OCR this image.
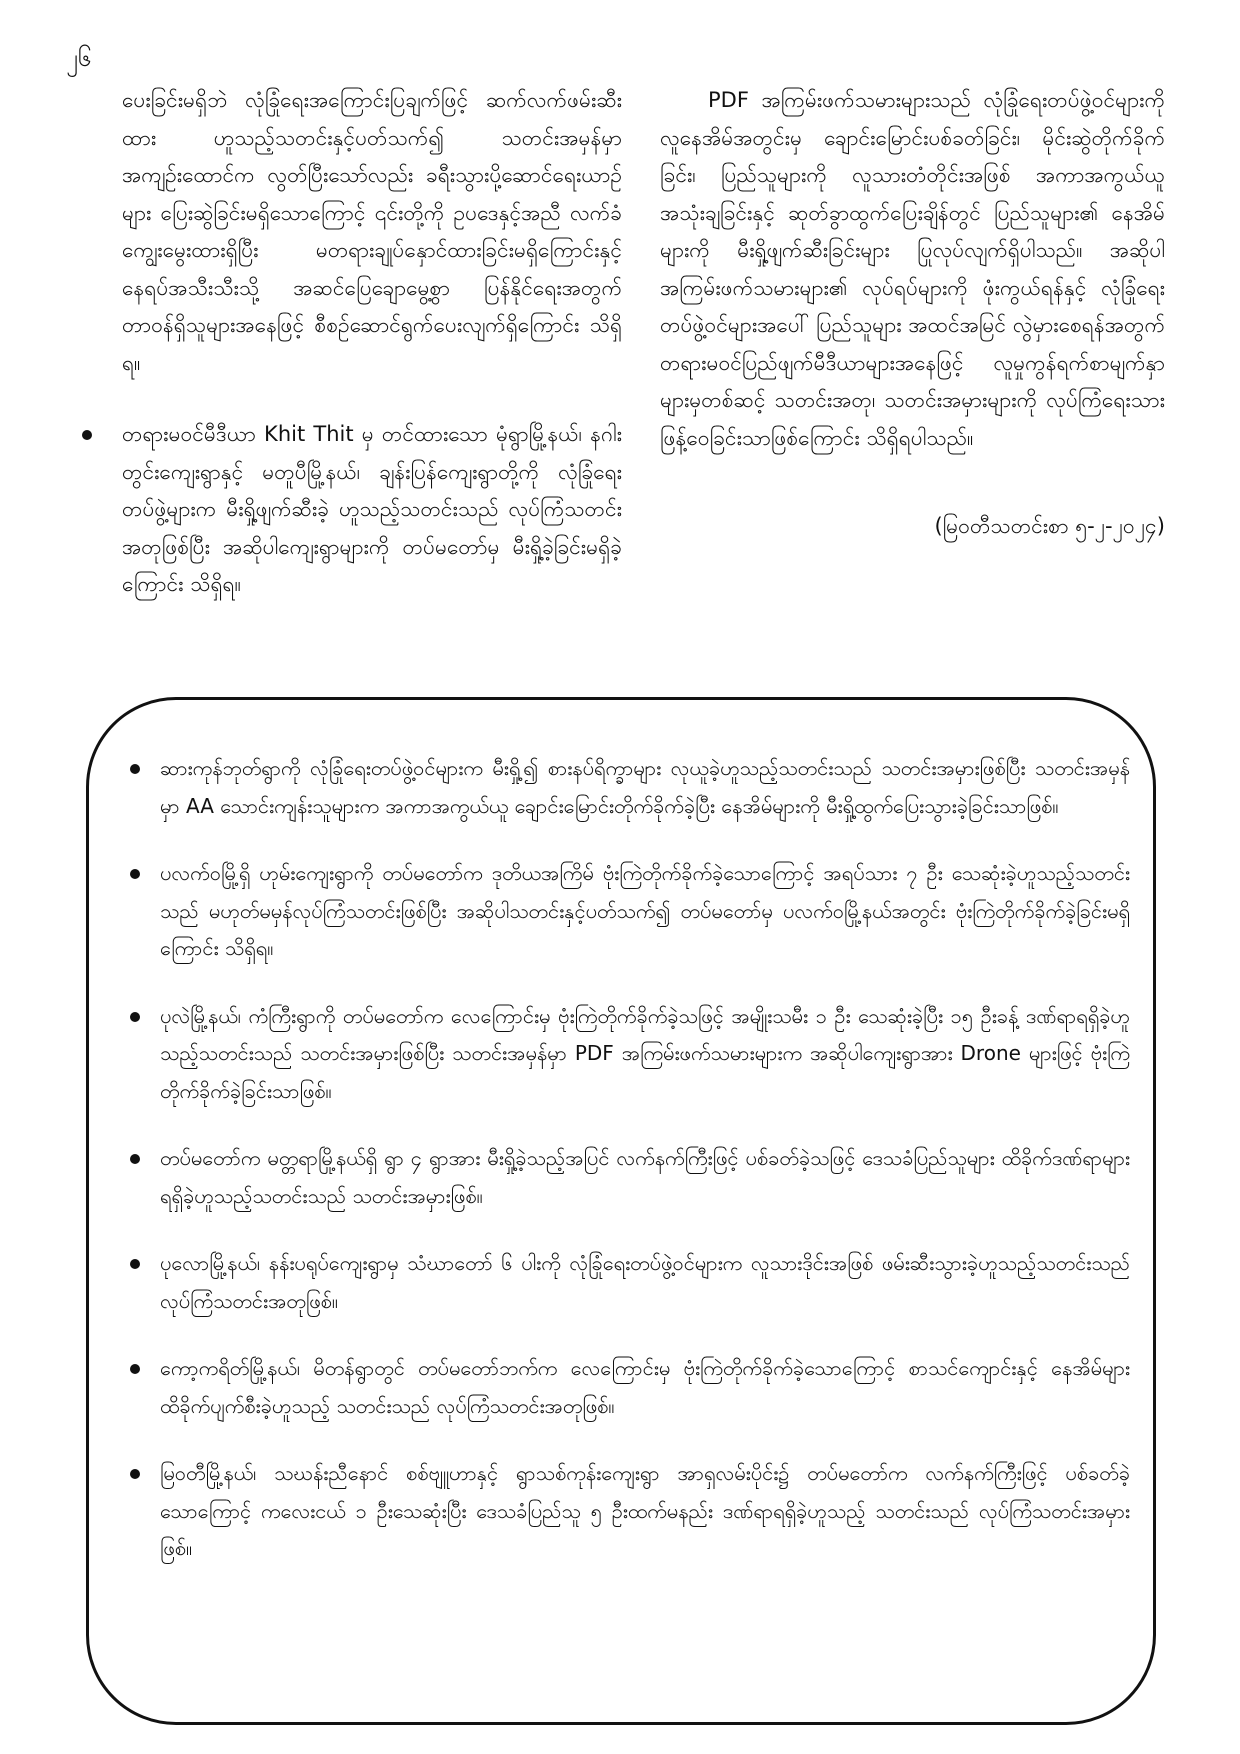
၂၆

ပေးခြင်းမရှိဘဲ လုံခြုံရေးအကြောင်းပြချက်ဖြင့် ဆက်လက်ဖမ်းဆီးထား ဟူသည့်သတင်းနှင့်ပတ်သက်၍ သတင်းအမှန်မှာ အကျဉ်းထောင်က လွတ်ပြီးသော်လည်း ခရီးသွားပို့ဆောင်ရေးယာဉ်များ ပြေးဆွဲခြင်းမရှိသောကြောင့် ၎င်းတို့ကို ဥပဒေနှင့်အညီ လက်ခံကျွေးမွေးထားရှိပြီး မတရားချုပ်နှောင်ထားခြင်းမရှိကြောင်းနှင့် နေရပ်အသီးသီးသို့ အဆင်ပြေချောမွေ့စွာ ပြန်နိုင်ရေးအတွက် တာဝန်ရှိသူများအနေဖြင့် စီစဉ်ဆောင်ရွက်ပေးလျက်ရှိကြောင်း သိရှိရ။

တရားမဝင်မီဒီယာ Khit Thit မှ တင်ထားသော မုံရွာမြို့နယ်၊ နဂါးတွင်းကျေးရွာနှင့် မတူပီမြို့နယ်၊ ချန်းပြန်ကျေးရွာတို့ကို လုံခြုံရေးတပ်ဖွဲ့များက မီးရှို့ဖျက်ဆီးခဲ့ ဟူသည့်သတင်းသည် လုပ်ကြံသတင်းအတုဖြစ်ပြီး အဆိုပါကျေးရွာများကို တပ်မတော်မှ မီးရှို့ခဲ့ခြင်းမရှိခဲ့ကြောင်း သိရှိရ။

PDF အကြမ်းဖက်သမားများသည် လုံခြုံရေးတပ်ဖွဲ့ဝင်များကို လူနေအိမ်အတွင်းမှ ချောင်းမြောင်းပစ်ခတ်ခြင်း၊ မိုင်းဆွဲတိုက်ခိုက်ခြင်း၊ ပြည်သူများကို လူသားတံတိုင်းအဖြစ် အကာအကွယ်ယူအသုံးချခြင်းနှင့် ဆုတ်ခွာထွက်ပြေးချိန်တွင် ပြည်သူများ၏ နေအိမ်များကို မီးရှို့ဖျက်ဆီးခြင်းများ ပြုလုပ်လျက်ရှိပါသည်။ အဆိုပါအကြမ်းဖက်သမားများ၏ လုပ်ရပ်များကို ဖုံးကွယ်ရန်နှင့် လုံခြုံရေးတပ်ဖွဲ့ဝင်များအပေါ် ပြည်သူများ အထင်အမြင် လွဲမှားစေရန်အတွက် တရားမဝင်ပြည်ဖျက်မီဒီယာများအနေဖြင့် လူမှုကွန်ရက်စာမျက်နှာများမှတစ်ဆင့် သတင်းအတု၊ သတင်းအမှားများကို လုပ်ကြံရေးသားဖြန့်ဝေခြင်းသာဖြစ်ကြောင်း သိရှိရပါသည်။

(မြဝတီသတင်းစာ ၅-၂-၂၀၂၄)
ဆားကုန်ဘုတ်ရွာကို လုံခြုံရေးတပ်ဖွဲ့ဝင်များက မီးရှို့၍ စားနပ်ရိက္ခာများ လုယူခဲ့ဟူသည့်သတင်းသည် သတင်းအမှားဖြစ်ပြီး သတင်းအမှန်မှာ AA သောင်းကျန်းသူများက အကာအကွယ်ယူ ချောင်းမြောင်းတိုက်ခိုက်ခဲ့ပြီး နေအိမ်များကို မီးရှို့ထွက်ပြေးသွားခဲ့ခြင်းသာဖြစ်။
ပလက်ဝမြို့ရှိ ဟုမ်းကျေးရွာကို တပ်မတော်က ဒုတိယအကြိမ် ဗုံးကြဲတိုက်ခိုက်ခဲ့သောကြောင့် အရပ်သား ၇ ဦး သေဆုံးခဲ့ဟူသည့်သတင်းသည် မဟုတ်မမှန်လုပ်ကြံသတင်းဖြစ်ပြီး အဆိုပါသတင်းနှင့်ပတ်သက်၍ တပ်မတော်မှ ပလက်ဝမြို့နယ်အတွင်း ဗုံးကြဲတိုက်ခိုက်ခဲ့ခြင်းမရှိကြောင်း သိရှိရ။
ပုလဲမြို့နယ်၊ ကံကြီးရွာကို တပ်မတော်က လေကြောင်းမှ ဗုံးကြဲတိုက်ခိုက်ခဲ့သဖြင့် အမျိုးသမီး ၁ ဦး သေဆုံးခဲ့ပြီး ၁၅ ဦးခန့် ဒဏ်ရာရရှိခဲ့ဟူသည့်သတင်းသည် သတင်းအမှားဖြစ်ပြီး သတင်းအမှန်မှာ PDF အကြမ်းဖက်သမားများက အဆိုပါကျေးရွာအား Drone များဖြင့် ဗုံးကြဲတိုက်ခိုက်ခဲ့ခြင်းသာဖြစ်။
တပ်မတော်က မတ္တရာမြို့နယ်ရှိ ရွာ ၄ ရွာအား မီးရှို့ခဲ့သည့်အပြင် လက်နက်ကြီးဖြင့် ပစ်ခတ်ခဲ့သဖြင့် ဒေသခံပြည်သူများ ထိခိုက်ဒဏ်ရာများရရှိခဲ့ဟူသည့်သတင်းသည် သတင်းအမှားဖြစ်။
ပုလောမြို့နယ်၊ နန်းပရုပ်ကျေးရွာမှ သံဃာတော် ၆ ပါးကို လုံခြုံရေးတပ်ဖွဲ့ဝင်များက လူသားဒိုင်းအဖြစ် ဖမ်းဆီးသွားခဲ့ဟူသည့်သတင်းသည် လုပ်ကြံသတင်းအတုဖြစ်။
ကော့ကရိတ်မြို့နယ်၊ မိတန်ရွာတွင် တပ်မတော်ဘက်က လေကြောင်းမှ ဗုံးကြဲတိုက်ခိုက်ခဲ့သောကြောင့် စာသင်ကျောင်းနှင့် နေအိမ်များ ထိခိုက်ပျက်စီးခဲ့ဟူသည့် သတင်းသည် လုပ်ကြံသတင်းအတုဖြစ်။
မြဝတီမြို့နယ်၊ သဃန်းညီနောင် စစ်ဗျူဟာနှင့် ရွာသစ်ကုန်းကျေးရွာ အာရှလမ်းပိုင်း၌ တပ်မတော်က လက်နက်ကြီးဖြင့် ပစ်ခတ်ခဲ့သောကြောင့် ကလေးငယ် ၁ ဦးသေဆုံးပြီး ဒေသခံပြည်သူ ၅ ဦးထက်မနည်း ဒဏ်ရာရရှိခဲ့ဟူသည့် သတင်းသည် လုပ်ကြံသတင်းအမှားဖြစ်။
